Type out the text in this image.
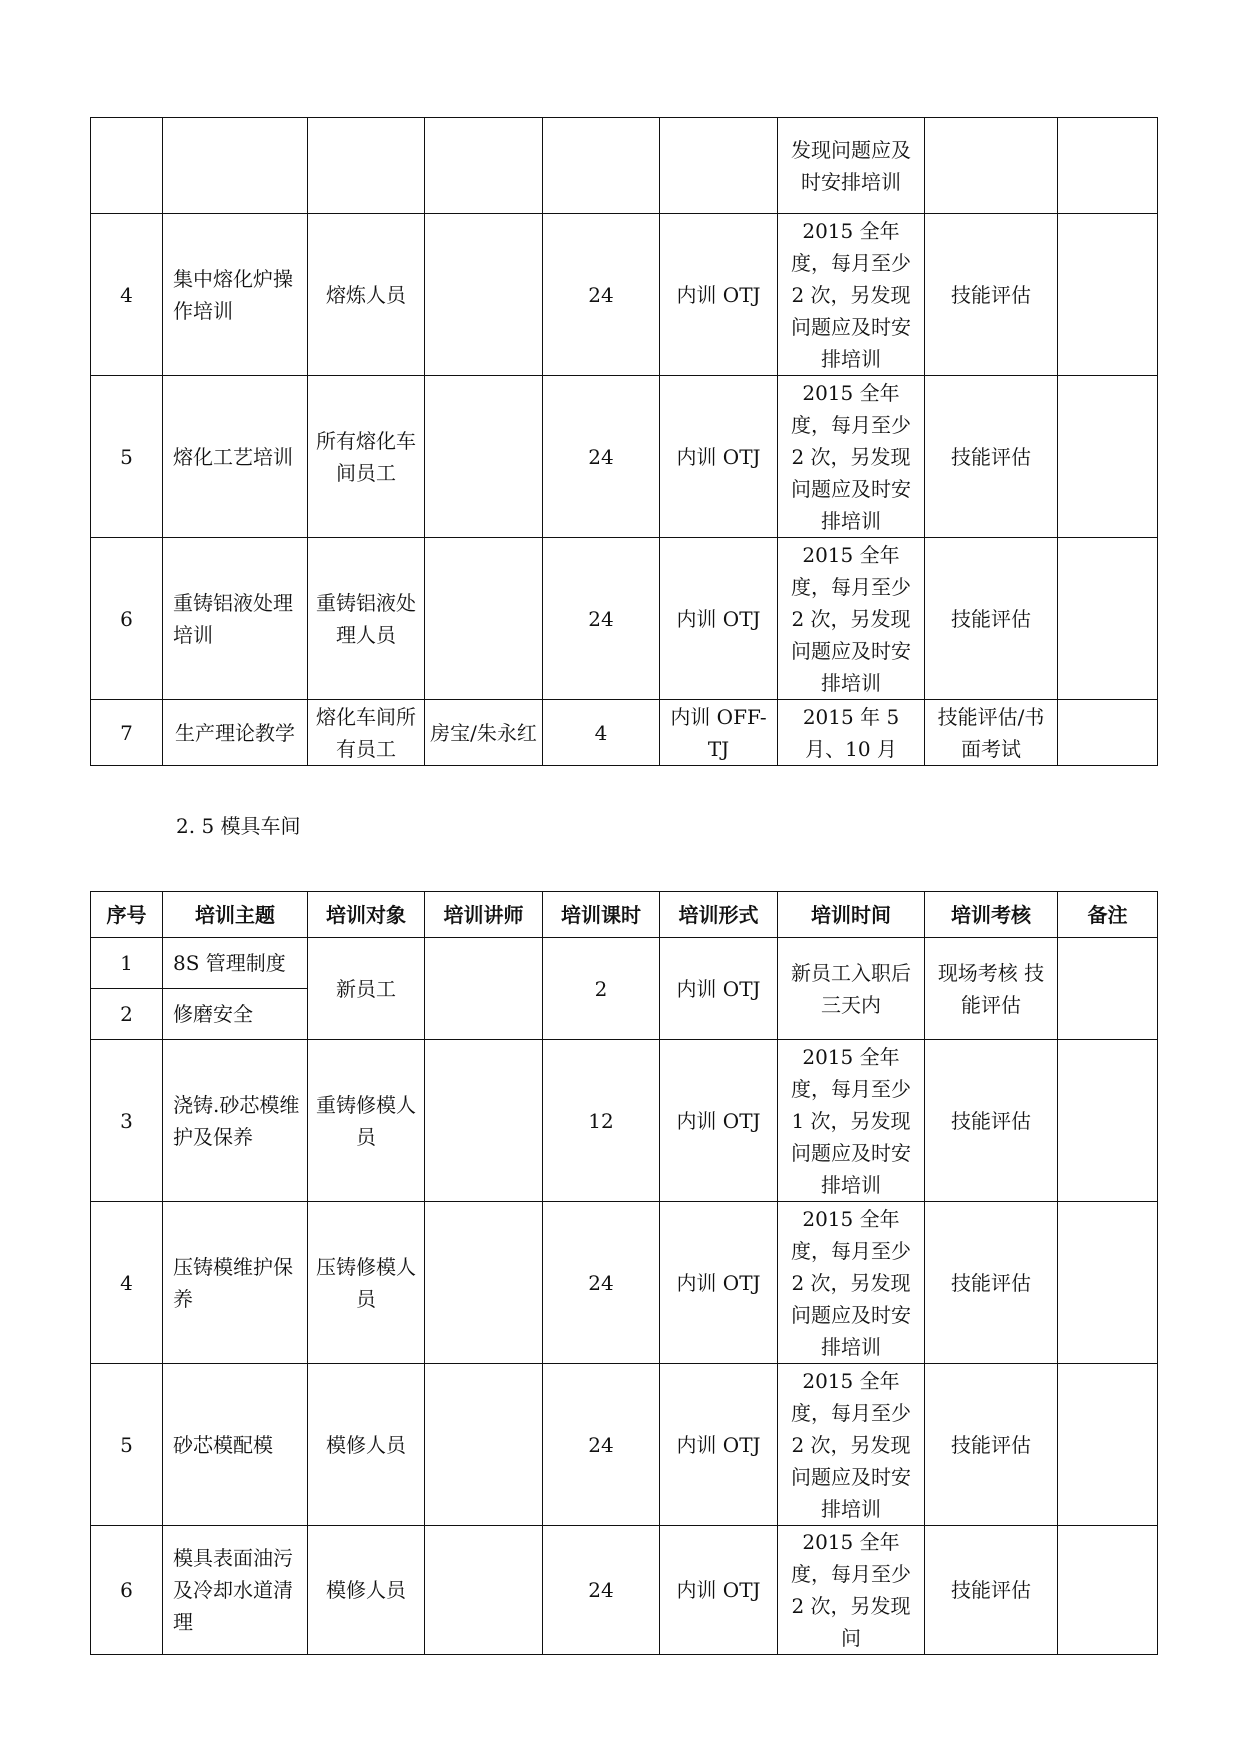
						发现问题应及时安排培训		
4	集中熔化炉操作培训	熔炼人员		24	内训 OTJ	2015 全年度，每月至少 2 次，另发现问题应及时安排培训	技能评估	
5	熔化工艺培训	所有熔化车间员工		24	内训 OTJ	2015 全年度，每月至少 2 次，另发现问题应及时安排培训	技能评估	
6	重铸铝液处理培训	重铸铝液处理人员		24	内训 OTJ	2015 全年度，每月至少 2 次，另发现问题应及时安排培训	技能评估	
7	生产理论教学	熔化车间所有员工	房宝/朱永红	4	内训 OFF-TJ	2015 年 5 月、10 月	技能评估/书面考试	
2. 5 模具车间
序号	培训主题	培训对象	培训讲师	培训课时	培训形式	培训时间	培训考核	备注
1	8S 管理制度	新员工		2	内训 OTJ	新员工入职后三天内	现场考核 技能评估	
2	修磨安全							
3	浇铸.砂芯模维护及保养	重铸修模人员		12	内训 OTJ	2015 全年度，每月至少 1 次，另发现问题应及时安排培训	技能评估	
4	压铸模维护保养	压铸修模人员		24	内训 OTJ	2015 全年度，每月至少 2 次，另发现问题应及时安排培训	技能评估	
5	砂芯模配模	模修人员		24	内训 OTJ	2015 全年度，每月至少 2 次，另发现问题应及时安排培训	技能评估	
6	模具表面油污及冷却水道清理	模修人员		24	内训 OTJ	2015 全年度，每月至少 2 次，另发现问	技能评估	
